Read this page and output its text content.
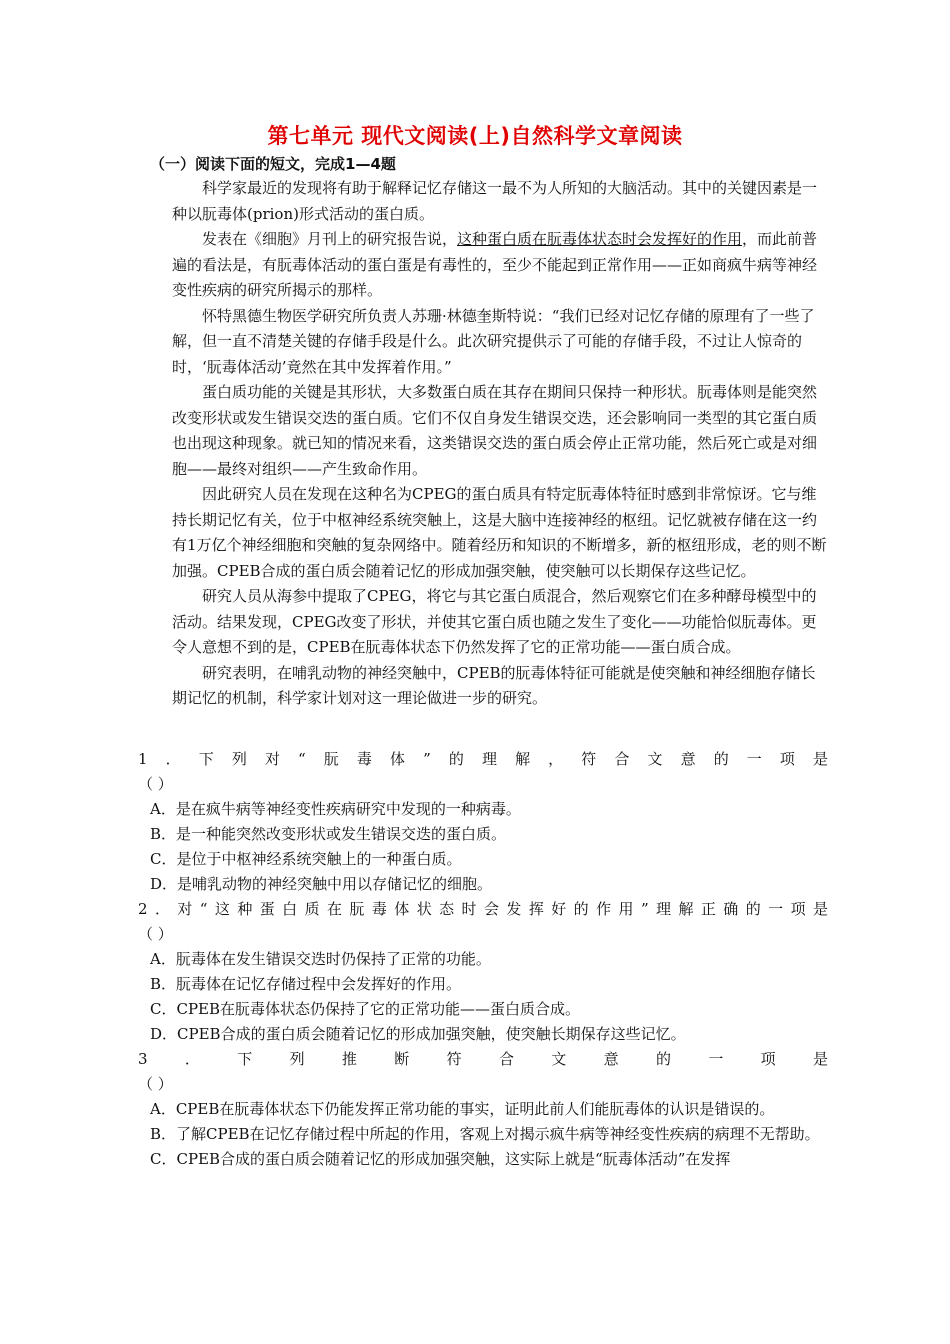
第七单元 现代文阅读(上)自然科学文章阅读
（一）阅读下面的短文，完成1—4题

科学家最近的发现将有助于解释记忆存储这一最不为人所知的大脑活动。其中的关键因素是一种以朊毒体(prion)形式活动的蛋白质。

发表在《细胞》月刊上的研究报告说，这种蛋白质在朊毒体状态时会发挥好的作用，而此前普遍的看法是，有朊毒体活动的蛋白蛋是有毒性的，至少不能起到正常作用——正如商疯牛病等神经变性疾病的研究所揭示的那样。

怀特黑德生物医学研究所负责人苏珊·林德奎斯特说：“我们已经对记忆存储的原理有了一些了解，但一直不清楚关键的存储手段是什么。此次研究提供示了可能的存储手段，不过让人惊奇的时，‘朊毒体活动’竟然在其中发挥着作用。”

蛋白质功能的关键是其形状，大多数蛋白质在其存在期间只保持一种形状。朊毒体则是能突然改变形状或发生错误交迭的蛋白质。它们不仅自身发生错误交迭，还会影响同一类型的其它蛋白质也出现这种现象。就已知的情况来看，这类错误交迭的蛋白质会停止正常功能，然后死亡或是对细胞——最终对组织——产生致命作用。

因此研究人员在发现在这种名为CPEG的蛋白质具有特定朊毒体特征时感到非常惊讶。它与维持长期记忆有关，位于中枢神经系统突触上，这是大脑中连接神经的枢纽。记忆就被存储在这一约有1万亿个神经细胞和突触的复杂网络中。随着经历和知识的不断增多，新的枢纽形成，老的则不断加强。CPEB合成的蛋白质会随着记忆的形成加强突触，使突触可以长期保存这些记忆。

研究人员从海参中提取了CPEG，将它与其它蛋白质混合，然后观察它们在多种酵母模型中的活动。结果发现，CPEG改变了形状，并使其它蛋白质也随之发生了变化——功能恰似朊毒体。更令人意想不到的是，CPEB在朊毒体状态下仍然发挥了它的正常功能——蛋白质合成。

研究表明，在哺乳动物的神经突触中，CPEB的朊毒体特征可能就是使突触和神经细胞存储长期记忆的机制，科学家计划对这一理论做进一步的研究。

1．下列对“朊毒体”的理解，符合文意的一项是
（ ）
A．是在疯牛病等神经变性疾病研究中发现的一种病毒。
B．是一种能突然改变形状或发生错误交迭的蛋白质。
C．是位于中枢神经系统突触上的一种蛋白质。
D．是哺乳动物的神经突触中用以存储记忆的细胞。
2．对“这种蛋白质在朊毒体状态时会发挥好的作用”理解正确的一项是
（ ）
A．朊毒体在发生错误交迭时仍保持了正常的功能。
B．朊毒体在记忆存储过程中会发挥好的作用。
C．CPEB在朊毒体状态仍保持了它的正常功能——蛋白质合成。
D．CPEB合成的蛋白质会随着记忆的形成加强突触，使突触长期保存这些记忆。
3．下列推断符合文意的一项是
（ ）
A．CPEB在朊毒体状态下仍能发挥正常功能的事实，证明此前人们能朊毒体的认识是错误的。
B．了解CPEB在记忆存储过程中所起的作用，客观上对揭示疯牛病等神经变性疾病的病理不无帮助。
C．CPEB合成的蛋白质会随着记忆的形成加强突触，这实际上就是“朊毒体活动”在发挥
